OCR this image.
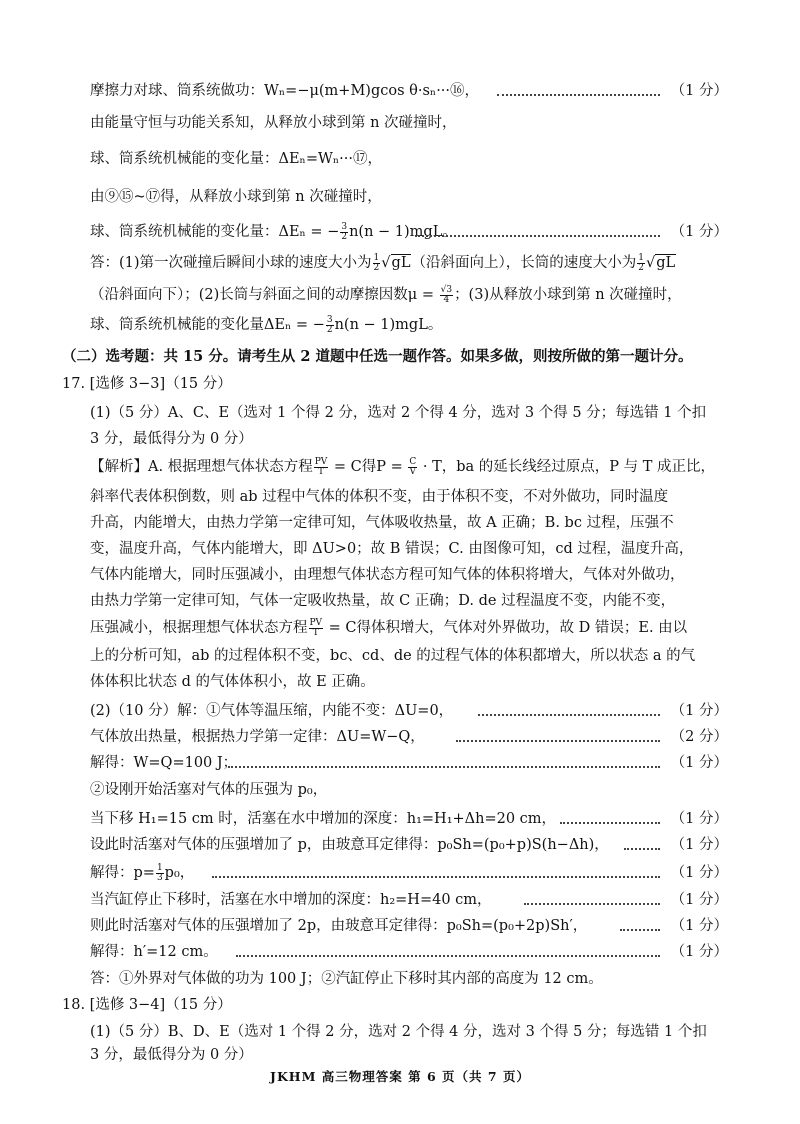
摩擦力对球、筒系统做功：Wₙ=−μ(m+M)gcos θ·sₙ···⑯，	（1 分）
由能量守恒与功能关系知，从释放小球到第 n 次碰撞时，
球、筒系统机械能的变化量：ΔEₙ=Wₙ···⑰，
由⑨⑮~⑰得，从释放小球到第 n 次碰撞时，
球、筒系统机械能的变化量：ΔEₙ = − $\frac{3}{2} n(n - 1)mgL$。	（1 分）
答：(1)第一次碰撞后瞬间小球的速度大小为 $\frac{1}{2} √gL$（沿斜面向上），长筒的速度大小为 $\frac{1}{2} √gL$
（沿斜面向下）；(2)长筒与斜面之间的动摩擦因数$\mu = \frac{√3}{4}$ ；(3)从释放小球到第 n 次碰撞时，
球、筒系统机械能的变化量ΔEₙ = − $\frac{3}{2} n(n - 1)mgL$。
（二）选考题：共 15 分。请考生从 2 道题中任选一题作答。如果多做，则按所做的第一题计分。
17. [选修 3−3]（15 分）
(1)（5 分）A、C、E（选对 1 个得 2 分，选对 2 个得 4 分，选对 3 个得 5 分；每选错 1 个扣
3 分，最低得分为 0 分）
【解析】A. 根据理想气体状态方程 $\frac{PV}{T} = C$得$P = \frac{C}{V} \cdot T$，ba 的延长线经过原点，P 与 T 成正比，
斜率代表体积倒数，则 ab 过程中气体的体积不变，由于体积不变，不对外做功，同时温度
升高，内能增大，由热力学第一定律可知，气体吸收热量，故 A 正确；B. bc 过程，压强不
变，温度升高，气体内能增大，即 ΔU>0；故 B 错误；C. 由图像可知，cd 过程，温度升高，
气体内能增大，同时压强减小，由理想气体状态方程可知气体的体积将增大，气体对外做功，
由热力学第一定律可知，气体一定吸收热量，故 C 正确；D. de 过程温度不变，内能不变，
压强减小，根据理想气体状态方程 $\frac{PV}{T} = C$得体积增大，气体对外界做功，故 D 错误；E. 由以
上的分析可知，ab 的过程体积不变，bc、cd、de 的过程气体的体积都增大，所以状态 a 的气
体体积比状态 d 的气体体积小，故 E 正确。
(2)（10 分）解：①气体等温压缩，内能不变：ΔU=0，	（1 分）
气体放出热量，根据热力学第一定律：ΔU=W−Q，	（2 分）
解得：W=Q=100 J；	（1 分）
②设刚开始活塞对气体的压强为 p₀，
当下移 H₁=15 cm 时，活塞在水中增加的深度：h₁=H₁+Δh=20 cm，	（1 分）
设此时活塞对气体的压强增加了 p，由玻意耳定律得：p₀Sh=(p₀+p)S(h−Δh)，	（1 分）
解得：$p= \frac{1}{3} p_0$，	（1 分）
当汽缸停止下移时，活塞在水中增加的深度：h₂=H=40 cm，	（1 分）
则此时活塞对气体的压强增加了 2p，由玻意耳定律得：p₀Sh=(p₀+2p)Sh′，	（1 分）
解得：h′=12 cm。	（1 分）
答：①外界对气体做的功为 100 J；②汽缸停止下移时其内部的高度为 12 cm。
18. [选修 3−4]（15 分）
(1)（5 分）B、D、E（选对 1 个得 2 分，选对 2 个得 4 分，选对 3 个得 5 分；每选错 1 个扣
3 分，最低得分为 0 分）
JKHM 高三物理答案 第 6 页（共 7 页）
